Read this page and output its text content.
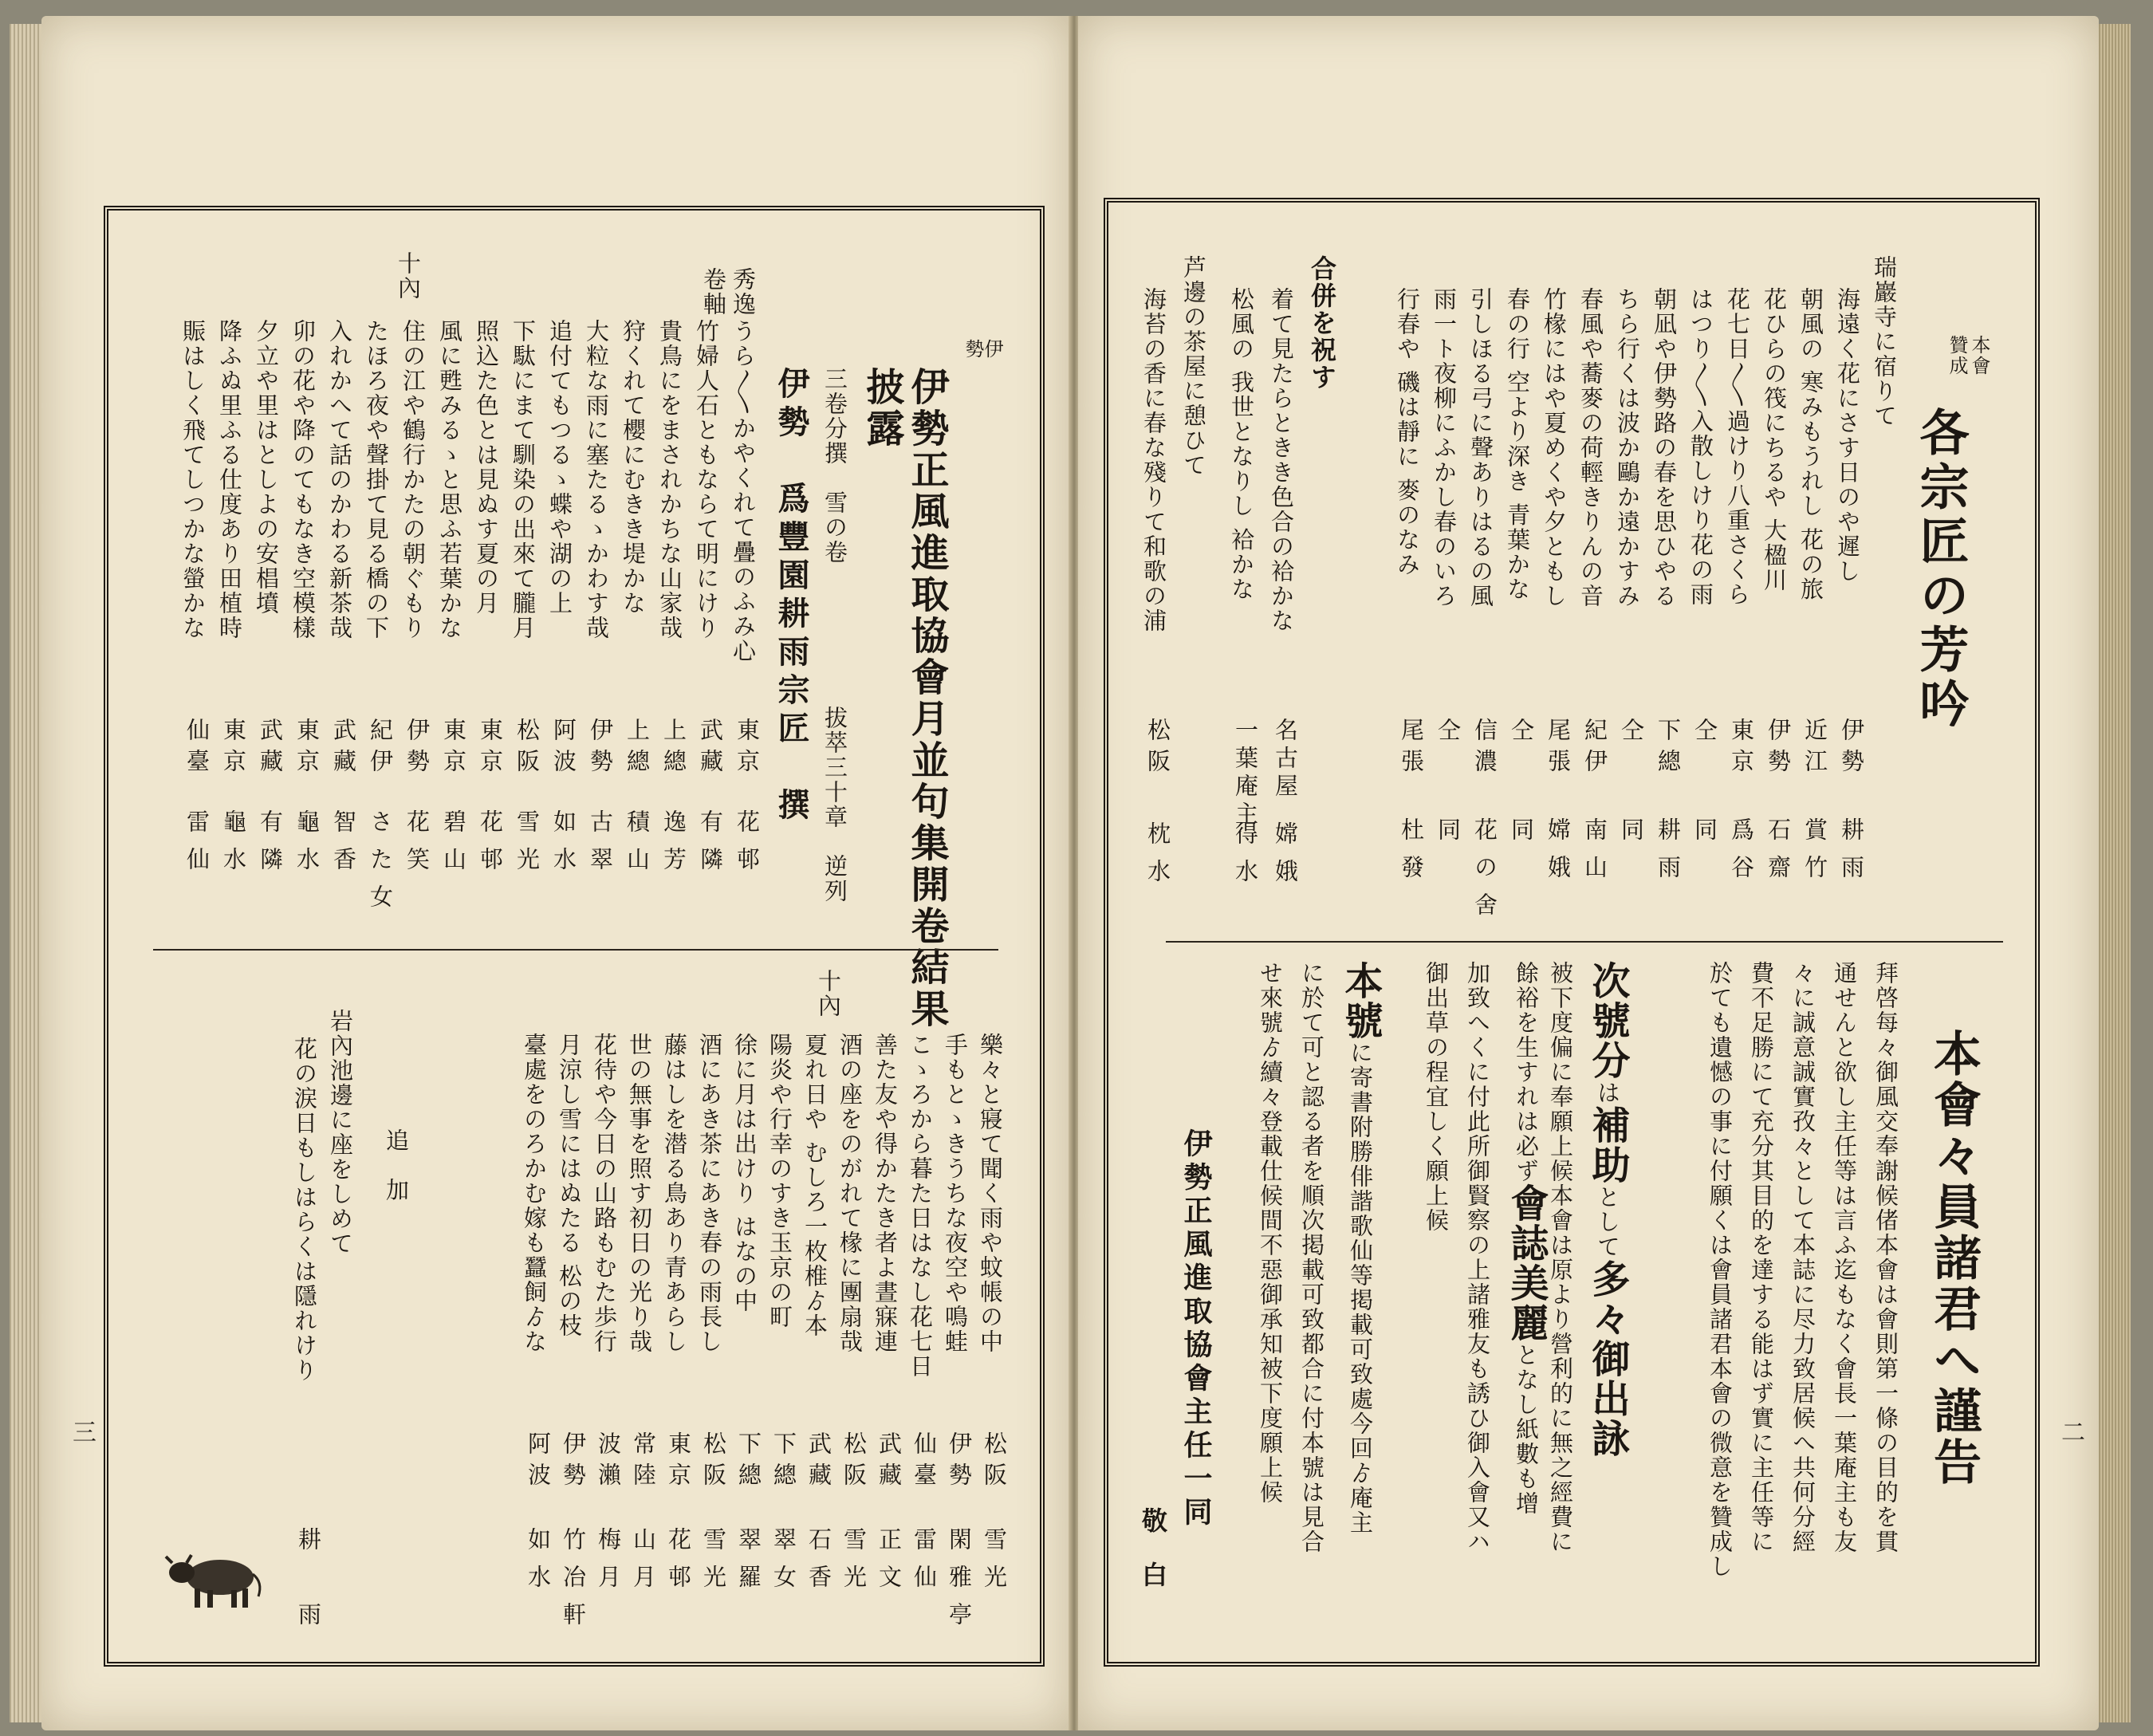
伊
勢
伊勢正風進取協會月並句集開卷結果
披露
三卷分撰　雪の卷
拔萃三十章　逆列
伊勢　爲豐園耕雨宗匠　撰
秀逸
卷軸
十內
うら〳〵かやくれて疊のふみ心
東京
花邨
竹婦人石ともならて明にけり
武藏
有隣
貴鳥にをまされかちな山家哉
上總
逸芳
狩くれて櫻にむきき堤かな
上總
積山
大粒な雨に塞たるゝかわす哉
伊勢
古翠
追付てもつるゝ蝶や湖の上
阿波
如水
下駄にまて馴染の出來て朧月
松阪
雪光
照込た色とは見ぬす夏の月
東京
花邨
風に甦みるゝと思ふ若葉かな
東京
碧山
住の江や鶴行かたの朝ぐもり
伊勢
花笑
たほろ夜や聲掛て見る橋の下
紀伊
さた女
入れかへて話のかわる新茶哉
武藏
智香
卯の花や降のてもなき空模樣
東京
龜水
夕立や里はとしよの安椙墳
武藏
有隣
降ふぬ里ふる仕度あり田植時
東京
龜水
賑はしく飛てしつかな螢かな
仙臺
雷仙
十內
樂々と寢て聞く雨や蚊帳の中
松阪
雪光
手もとゝきうちな夜空や鳴蛙
伊勢
閑雅亭
こゝろから暮た日はなし花七日
仙臺
雷仙
善た友や得かたき者よ晝寐連
武藏
正文
酒の座をのがれて椽に團扇哉
松阪
雪光
夏れ日や むしろ一枚椎ゟ本
武藏
石香
陽炎や行幸のすき玉京の町
下總
翠女
徐に月は出けり はなの中
下總
翠羅
酒にあき茶にあき春の雨長し
松阪
雪光
藤はしを潜る鳥あり青あらし
東京
花邨
世の無事を照す初日の光り哉
常陸
山月
花待や今日の山路もむた歩行
波瀨
梅月
月涼し雪にはぬたる 松の枝
伊勢
竹冶軒
臺處をのろかむ嫁も蠶飼ゟな
阿波
如水
追　加
岩內池邊に座をしめて
花の涙日もしはらくは隱れけり
耕　雨
三
本會
贊成
各宗匠の芳吟
瑞巖寺に宿りて
海遠く花にさす日のや遲し
伊勢
耕雨
朝風の 寒みもうれし 花の旅
近江
賞竹
花ひらの筏にちるや 大楹川
伊勢
石齋
花七日〳〵過けり八重さくら
東京
爲谷
はつり〳〵入散しけり花の雨
仝
同
朝凪や伊勢路の春を思ひやる
下總
耕雨
ちら行くは波か鷗か遠かすみ
仝
同
春風や蕎麥の荷輕きりんの音
紀伊
南山
竹椽にはや夏めくや夕ともし
尾張
嫦娥
春の行 空より深き 青葉かな
仝
同
引しほる弓に聲ありはるの風
信濃
花の舍
雨一ト夜柳にふかし春のいろ
仝
同
行春や 磯は靜に 麥のなみ
尾張
杜發
合併を祝す
着て見たらときき色合の袷かな
名古屋
嫦娥
松風の 我世となりし 袷かな
一葉庵主
得水
芦邊の茶屋に憩ひて
海苔の香に春な殘りて和歌の浦
松阪
枕水
本會々員諸君へ謹告
拜啓每々御風交奉謝候偖本會は會則第一條の目的を貫
通せんと欲し主任等は言ふ迄もなく會長一葉庵主も友
々に誠意誠實孜々として本誌に尽力致居候へ共何分經
費不足勝にて充分其目的を達する能はず實に主任等に
於ても遺憾の事に付願くは會員諸君本會の微意を贊成し
次號分は補助として多々御出詠
被下度偏に奉願上候本會は原より營利的に無之經費に
餘裕を生すれは必ず會誌美麗となし紙數も增
加致へくに付此所御賢察の上諸雅友も誘ひ御入會又ハ
御出草の程宜しく願上候
本號に寄書附勝俳諧歌仙等掲載可致處今回ゟ庵主
に於て可と認る者を順次掲載可致都合に付本號は見合
せ來號ゟ續々登載仕候間不惡御承知被下度願上候
伊勢正風進取協會主任一同
敬　白
二
